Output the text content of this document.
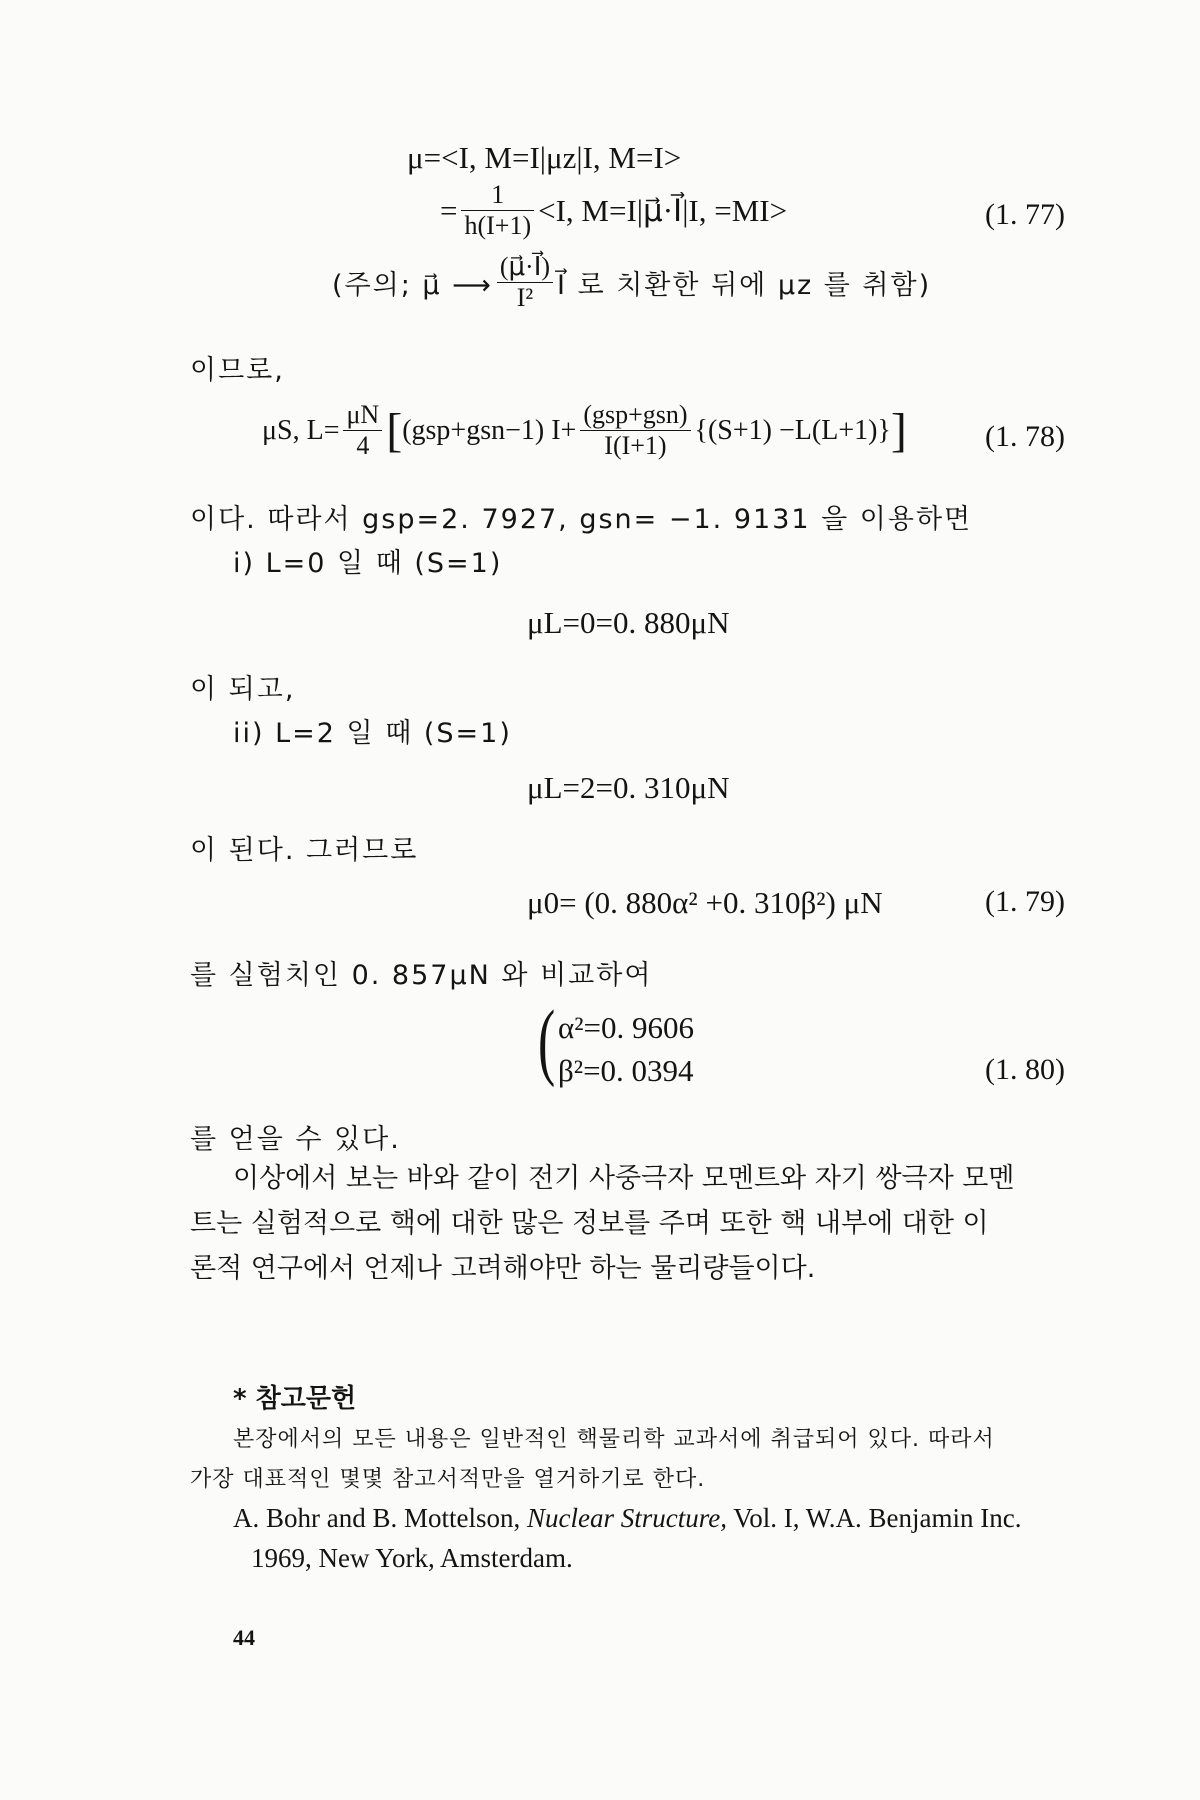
μ=<I, M=I|μz|I, M=I>
= $\frac{1}{h(I+1)} <I$, M=I|μ⃗·I⃗|I, =MI>	(1. 77)
(주의; μ⃗ ⟶ $\frac{(\mu⃗\cdot I⃗)}{\text{I²}}$ I⃗ 로 치환한 뒤에 μz 를 취함)
이므로,
μS, $L= \frac{\mu N}{4}$ [ (gsp+gsn−1) $I+ \frac{\text{(gsp+gsn)}}{I(I+1)} \{(S+1) -L(L+1)\}$ ]	(1. 78)
이다. 따라서 gsp=2. 7927, gsn= −1. 9131 을 이용하면
i) L=0 일 때 (S=1)
μL=0=0. 880μN
이 되고,
ii) L=2 일 때 (S=1)
μL=2=0. 310μN
이 된다. 그러므로
μ0= (0. 880α² +0. 310β²) μN	(1. 79)
를 실험치인 0. 857μN 와 비교하여
( α²=0. 9606
β²=0. 0394	(1. 80)
를 얻을 수 있다.
이상에서 보는 바와 같이 전기 사중극자 모멘트와 자기 쌍극자 모멘
트는 실험적으로 핵에 대한 많은 정보를 주며 또한 핵 내부에 대한 이
론적 연구에서 언제나 고려해야만 하는 물리량들이다.
* 참고문헌
본장에서의 모든 내용은 일반적인 핵물리학 교과서에 취급되어 있다. 따라서
가장 대표적인 몇몇 참고서적만을 열거하기로 한다.
A. Bohr and B. Mottelson, Nuclear Structure, Vol. I, W.A. Benjamin Inc.
1969, New York, Amsterdam.
44
